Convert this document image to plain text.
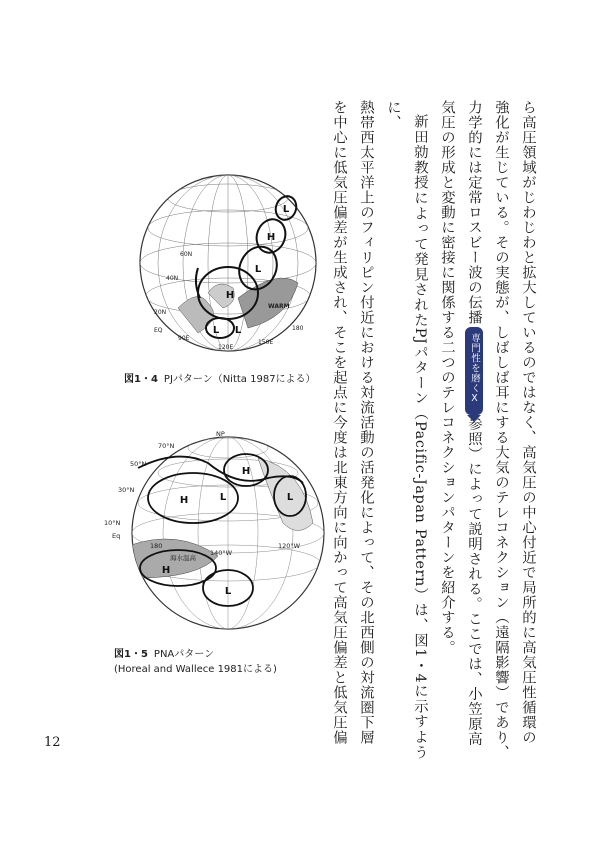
ら高圧領域がじわじわと拡大しているのではなく、高気圧の中心付近で局所的に高気圧性循環の

強化が生じている。その実態が、しばしば耳にする大気のテレコネクション（遠隔影響）であり、

力学的には定常ロスビー波の伝播専門性を磨くⅩ参照）によって説明される。ここでは、小笠原高

気圧の形成と変動に密接に関係する二つのテレコネクションパターンを紹介する。

新田勍教授によって発見されたPJパターン（Pacific-Japan Pattern）は、図1・4に示すように、

熱帯西太平洋上のフィリピン付近における対流活動の活発化によって、その北西側の対流圏下層

を中心に低気圧偏差が生成され、そこを起点に今度は北東方向に向かって高気圧偏差と低気圧偏

L
H
L
H
L L
WARM
60N
40N
20N
EQ
90E
120E
150E
180
図1・4 PJパターン（Nitta 1987による）
H
L
H	L
H
L
NP
70°N
50°N
30°N
10°N
Eq
180
140°W
120°W
海水温高
図1・5 PNAパターン
(Horeal and Wallece 1981による)
12
